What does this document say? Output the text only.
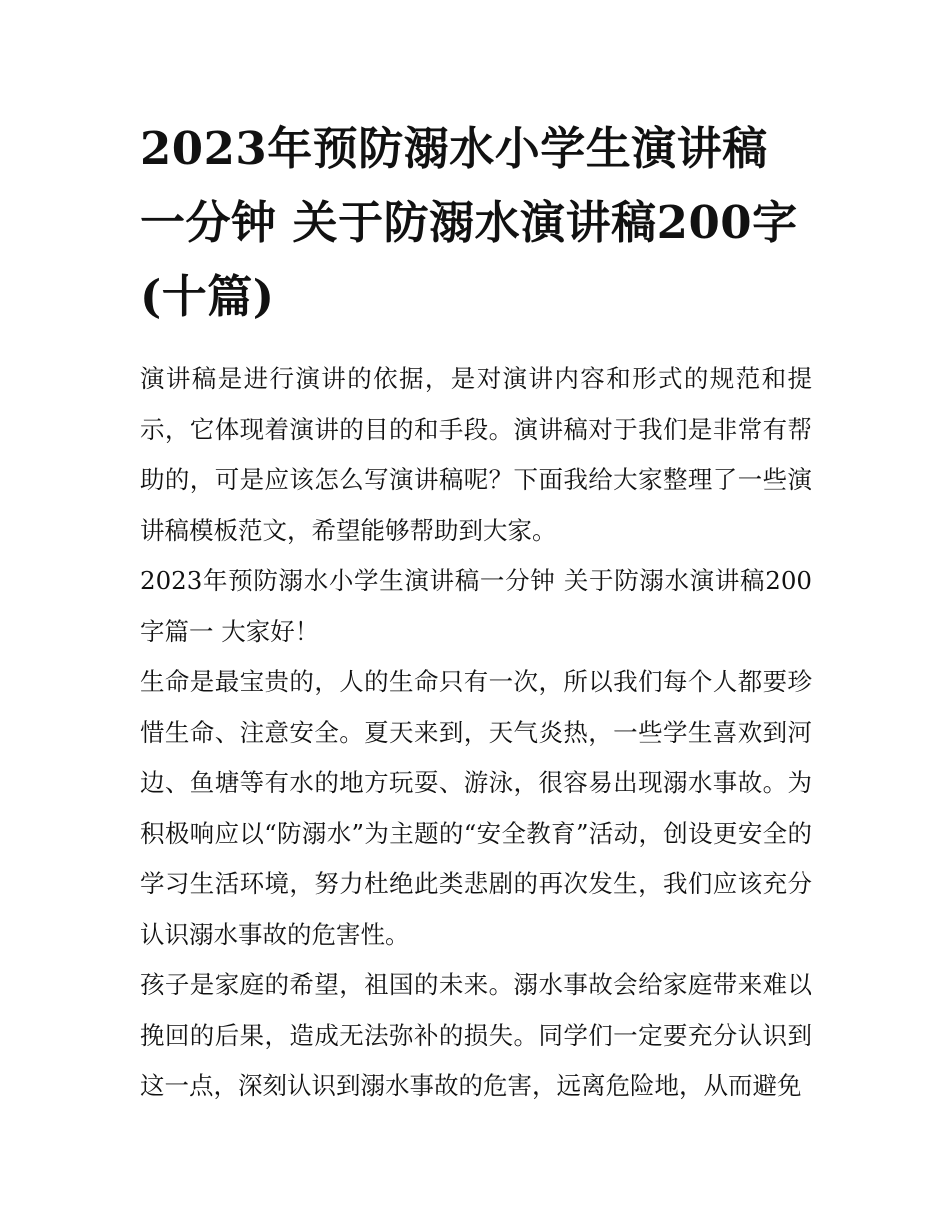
2023年预防溺水小学生演讲稿一分钟 关于防溺水演讲稿200字(十篇)

演讲稿是进行演讲的依据，是对演讲内容和形式的规范和提示，它体现着演讲的目的和手段。演讲稿对于我们是非常有帮助的，可是应该怎么写演讲稿呢？下面我给大家整理了一些演讲稿模板范文，希望能够帮助到大家。

2023年预防溺水小学生演讲稿一分钟 关于防溺水演讲稿200字篇一 大家好！

生命是最宝贵的，人的生命只有一次，所以我们每个人都要珍惜生命、注意安全。夏天来到，天气炎热，一些学生喜欢到河边、鱼塘等有水的地方玩耍、游泳，很容易出现溺水事故。为积极响应以“防溺水”为主题的“安全教育”活动，创设更安全的学习生活环境，努力杜绝此类悲剧的再次发生，我们应该充分认识溺水事故的危害性。

孩子是家庭的希望，祖国的未来。溺水事故会给家庭带来难以挽回的后果，造成无法弥补的损失。同学们一定要充分认识到这一点，深刻认识到溺水事故的危害，远离危险地，从而避免
